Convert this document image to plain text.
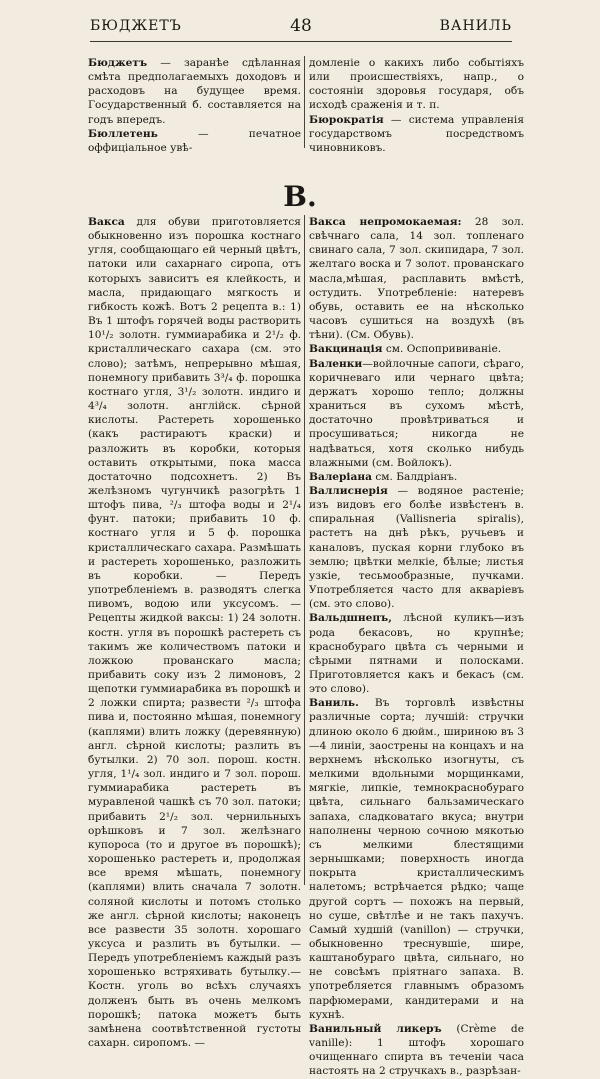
БЮДЖЕТЪ	48	ВАНИЛЬ

Бюджетъ — заранѣе сдѣланная смѣта предполагаемыхъ доходовъ и расходовъ на будущее время. Государственный б. составляется на годъ впередъ.

Бюллетень — печатное оффиціальное увѣ-

домленіе о какихъ либо событіяхъ или происшествіяхъ, напр., о состояніи здоровья государя, объ исходѣ сраженія и т. п.

Бюрократія — система управленія государствомъ посредствомъ чиновниковъ.

В.

Вакса для обуви приготовляется обыкновенно изъ порошка костнаго угля, сообщающаго ей черный цвѣтъ, патоки или сахарнаго сиропа, отъ которыхъ зависитъ ея клейкость, и масла, придающаго мягкость и гибкость кожѣ. Вотъ 2 рецепта в.: 1) Въ 1 штофъ горячей воды растворить 10¹/₂ золотн. гуммиарабика и 2¹/₂ ф. кристаллическаго сахара (см. это слово); затѣмъ, непрерывно мѣшая, понемногу прибавить 3³/₄ ф. порошка костнаго угля, 3¹/₂ золотн. индиго и 4³/₄ золотн. англійск. сѣрной кислоты. Растереть хорошенько (какъ растираютъ краски) и разложить въ коробки, которыя оставить открытыми, пока масса достаточно подсохнетъ. 2) Въ желѣзномъ чугунчикѣ разогрѣть 1 штофъ пива, ²/₃ штофа воды и 2¹/₄ фунт. патоки; прибавить 10 ф. костнаго угля и 5 ф. порошка кристаллическаго сахара. Размѣшать и растереть хорошенько, разложить въ коробки. — Передъ употребленіемъ в. разводятъ слегка пивомъ, водою или уксусомъ. — Рецепты жидкой ваксы: 1) 24 золотн. костн. угля въ порошкѣ растереть съ такимъ же количествомъ патоки и ложкою прованскаго масла; прибавить соку изъ 2 лимоновъ, 2 щепотки гуммиарабика въ порошкѣ и 2 ложки спирта; развести ²/₃ штофа пива и, постоянно мѣшая, понемногу (каплями) влить ложку (деревянную) англ. сѣрной кислоты; разлить въ бутылки. 2) 70 зол. порош. костн. угля, 1¹/₄ зол. индиго и 7 зол. порош. гуммиарабика растереть въ муравленой чашкѣ съ 70 зол. патоки; прибавить 2¹/₂ зол. чернильныхъ орѣшковъ и 7 зол. желѣзнаго купороса (то и другое въ порошкѣ); хорошенько растереть и, продолжая все время мѣшать, понемногу (каплями) влить сначала 7 золотн. соляной кислоты и потомъ столько же англ. сѣрной кислоты; наконецъ все развести 35 золотн. хорошаго уксуса и разлить въ бутылки. — Передъ употребленіемъ каждый разъ хорошенько встряхивать бутылку.—Костн. уголь во всѣхъ случаяхъ долженъ быть въ очень мелкомъ порошкѣ; патока можетъ быть замѣнена соотвѣтственной густоты сахарн. сиропомъ. —

Вакса непромокаемая: 28 зол. свѣчнаго сала, 14 зол. топленаго свинаго сала, 7 зол. скипидара, 7 зол. желтаго воска и 7 золот. прованскаго масла,мѣшая, расплавить вмѣстѣ, остудить. Употребленіе: натеревъ обувь, оставить ее на нѣсколько часовъ сушиться на воздухѣ (въ тѣни). (См. Обувь).

Вакцинація см. Оспопрививаніе.

Валенки—войлочные сапоги, сѣраго, коричневаго или чернаго цвѣта; держатъ хорошо тепло; должны храниться въ сухомъ мѣстѣ, достаточно провѣтриваться и просушиваться; никогда не надѣваться, хотя сколько нибудь влажными (см. Войлокъ).

Валеріана см. Балдріанъ.

Валлиснерія — водяное растеніе; изъ видовъ его болѣе извѣстенъ в. спиральная (Vallisneria spiralis), растетъ на днѣ рѣкъ, ручьевъ и каналовъ, пуская корни глубоко въ землю; цвѣтки мелкіе, бѣлые; листья узкіе, тесьмообразные, пучками. Употребляется часто для акваріевъ (см. это слово).

Вальдшнепъ, лѣсной куликъ—изъ рода бекасовъ, но крупнѣе; краснобураго цвѣта съ черными и сѣрыми пятнами и полосками. Приготовляется какъ и бекасъ (см. это слово).

Ваниль. Въ торговлѣ извѣстны различные сорта; лучшій: стручки длиною около 6 дюйм., шириною въ 3—4 линіи, заострены на концахъ и на верхнемъ нѣсколько изогнуты, съ мелкими вдольными морщинками, мягкіе, липкіе, темнокраснобураго цвѣта, сильнаго бальзамическаго запаха, сладковатаго вкуса; внутри наполнены черною сочною мякотью съ мелкими блестящими зернышками; поверхность иногда покрыта кристаллическимъ налетомъ; встрѣчается рѣдко; чаще другой сортъ — похожъ на первый, но суше, свѣтлѣе и не такъ пахучъ. Самый худшій (vanillon) — стручки, обыкновенно треснувшіе, шире, каштанобураго цвѣта, сильнаго, но не совсѣмъ пріятнаго запаха. В. употребляется главнымъ образомъ парфюмерами, кандитерами и на кухнѣ.

Ванильный ликеръ (Crème de vanille): 1 штофъ хорошаго очищеннаго спирта въ теченіи часа настоять на 2 стручкахъ в., разрѣзан-
